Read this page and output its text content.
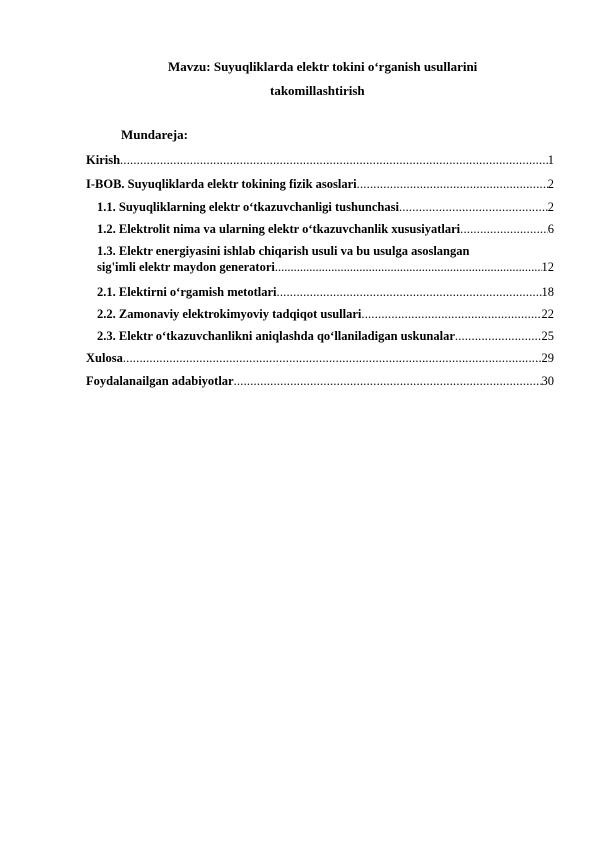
Mavzu: Suyuqliklarda elektr tokini o‘rganish usullarini
takomillashtirish
Mundareja:
Kirish .....	1
I-BOB. Suyuqliklarda elektr tokining fizik asoslari .....	2
1.1. Suyuqliklarning elektr o‘tkazuvchanligi tushunchasi .....	2
1.2. Elektrolit nima va ularning elektr o‘tkazuvchanlik xususiyatlari .....	6
1.3. Elektr energiyasini ishlab chiqarish usuli va bu usulga asoslangan
sig'imli elektr maydon generatori .....	12
2.1. Elektirni o‘rgamish metotlari .....	18
2.2. Zamonaviy elektrokimyoviy tadqiqot usullari .....	22
2.3. Elektr o‘tkazuvchanlikni aniqlashda qo‘llaniladigan uskunalar .....	25
Xulosa .....	29
Foydalanailgan adabiyotlar .....	30
